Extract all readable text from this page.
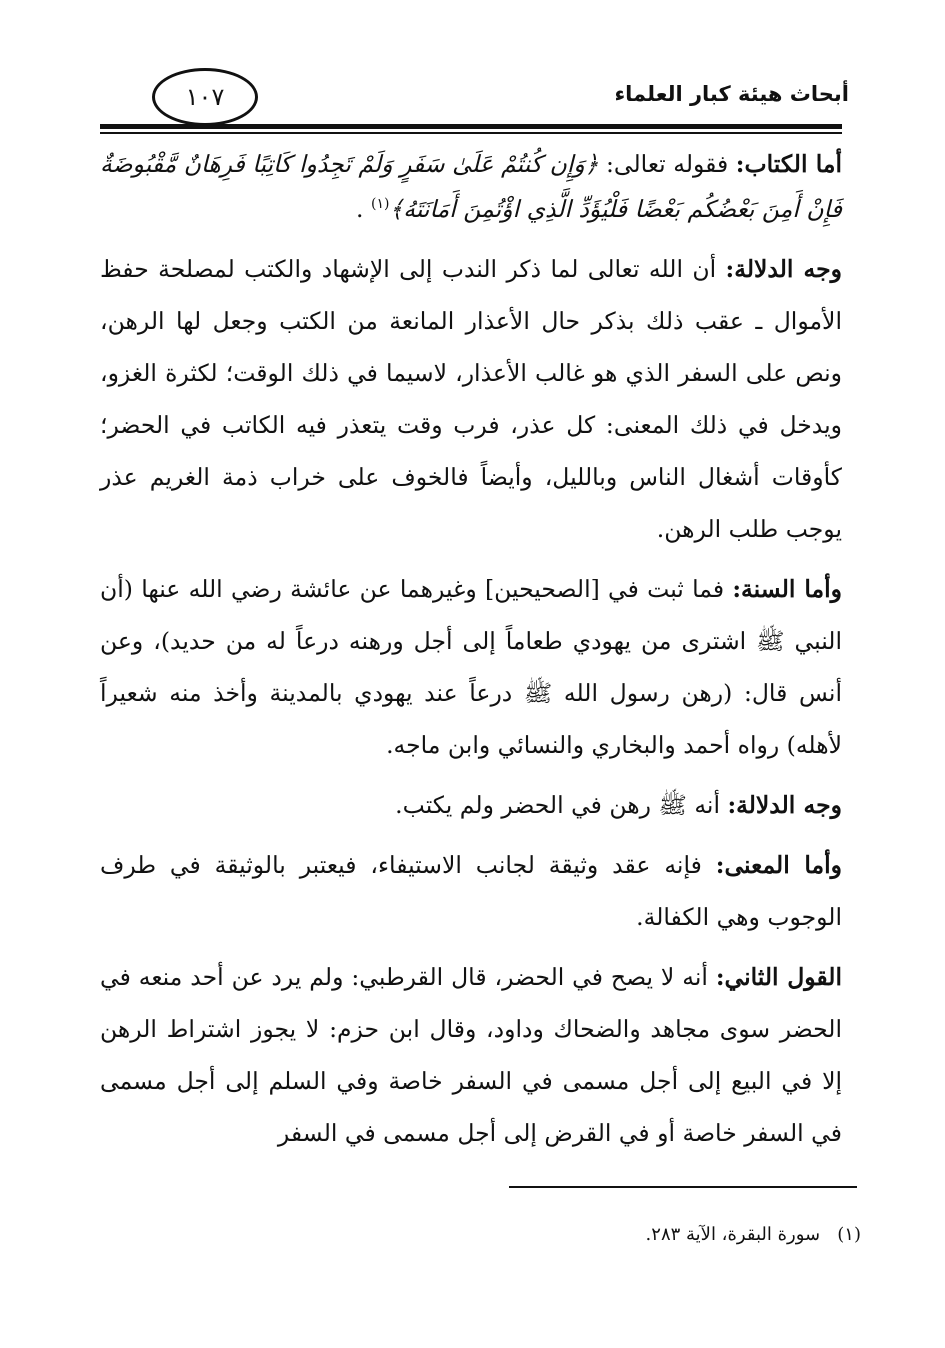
أبحاث هيئة كبار العلماء
١٠٧

أما الكتاب: فقوله تعالى: ﴿وَإِن كُنتُمْ عَلَىٰ سَفَرٍ وَلَمْ تَجِدُوا كَاتِبًا فَرِهَانٌ مَّقْبُوضَةٌ فَإِنْ أَمِنَ بَعْضُكُم بَعْضًا فَلْيُؤَدِّ الَّذِي اؤْتُمِنَ أَمَانَتَهُ﴾$^{(١)}$ .

وجه الدلالة: أن الله تعالى لما ذكر الندب إلى الإشهاد والكتب لمصلحة حفظ الأموال ـ عقب ذلك بذكر حال الأعذار المانعة من الكتب وجعل لها الرهن، ونص على السفر الذي هو غالب الأعذار، لاسيما في ذلك الوقت؛ لكثرة الغزو، ويدخل في ذلك المعنى: كل عذر، فرب وقت يتعذر فيه الكاتب في الحضر؛ كأوقات أشغال الناس وبالليل، وأيضاً فالخوف على خراب ذمة الغريم عذر يوجب طلب الرهن.

وأما السنة: فما ثبت في [الصحيحين] وغيرهما عن عائشة رضي الله عنها (أن النبي ﷺ اشترى من يهودي طعاماً إلى أجل ورهنه درعاً له من حديد)، وعن أنس قال: (رهن رسول الله ﷺ درعاً عند يهودي بالمدينة وأخذ منه شعيراً لأهله) رواه أحمد والبخاري والنسائي وابن ماجه.

وجه الدلالة: أنه ﷺ رهن في الحضر ولم يكتب.

وأما المعنى: فإنه عقد وثيقة لجانب الاستيفاء، فيعتبر بالوثيقة في طرف الوجوب وهي الكفالة.

القول الثاني: أنه لا يصح في الحضر، قال القرطبي: ولم يرد عن أحد منعه في الحضر سوى مجاهد والضحاك وداود، وقال ابن حزم: لا يجوز اشتراط الرهن إلا في البيع إلى أجل مسمى في السفر خاصة وفي السلم إلى أجل مسمى في السفر خاصة أو في القرض إلى أجل مسمى في السفر

(١)   سورة البقرة، الآية ٢٨٣.
